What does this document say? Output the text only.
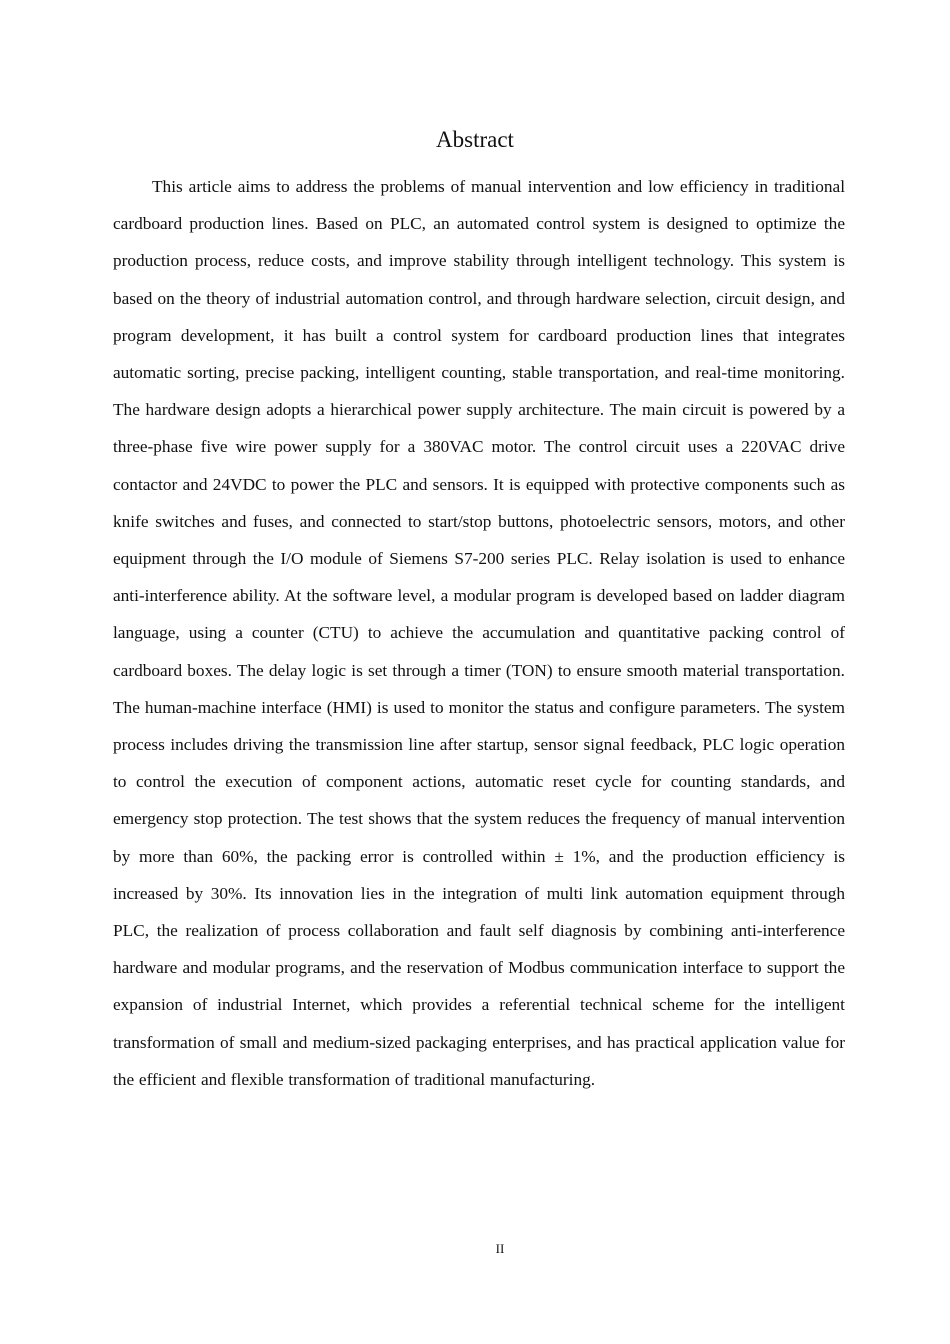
Abstract

This article aims to address the problems of manual intervention and low efficiency in traditional cardboard production lines. Based on PLC, an automated control system is designed to optimize the production process, reduce costs, and improve stability through intelligent technology. This system is based on the theory of industrial automation control, and through hardware selection, circuit design, and program development, it has built a control system for cardboard production lines that integrates automatic sorting, precise packing, intelligent counting, stable transportation, and real-time monitoring. The hardware design adopts a hierarchical power supply architecture. The main circuit is powered by a three-phase five wire power supply for a 380VAC motor. The control circuit uses a 220VAC drive contactor and 24VDC to power the PLC and sensors. It is equipped with protective components such as knife switches and fuses, and connected to start/stop buttons, photoelectric sensors, motors, and other equipment through the I/O module of Siemens S7-200 series PLC. Relay isolation is used to enhance anti-interference ability. At the software level, a modular program is developed based on ladder diagram language, using a counter (CTU) to achieve the accumulation and quantitative packing control of cardboard boxes. The delay logic is set through a timer (TON) to ensure smooth material transportation. The human-machine interface (HMI) is used to monitor the status and configure parameters. The system process includes driving the transmission line after startup, sensor signal feedback, PLC logic operation to control the execution of component actions, automatic reset cycle for counting standards, and emergency stop protection. The test shows that the system reduces the frequency of manual intervention by more than 60%, the packing error is controlled within ± 1%, and the production efficiency is increased by 30%. Its innovation lies in the integration of multi link automation equipment through PLC, the realization of process collaboration and fault self diagnosis by combining anti-interference hardware and modular programs, and the reservation of Modbus communication interface to support the expansion of industrial Internet, which provides a referential technical scheme for the intelligent transformation of small and medium-sized packaging enterprises, and has practical application value for the efficient and flexible transformation of traditional manufacturing.

II
